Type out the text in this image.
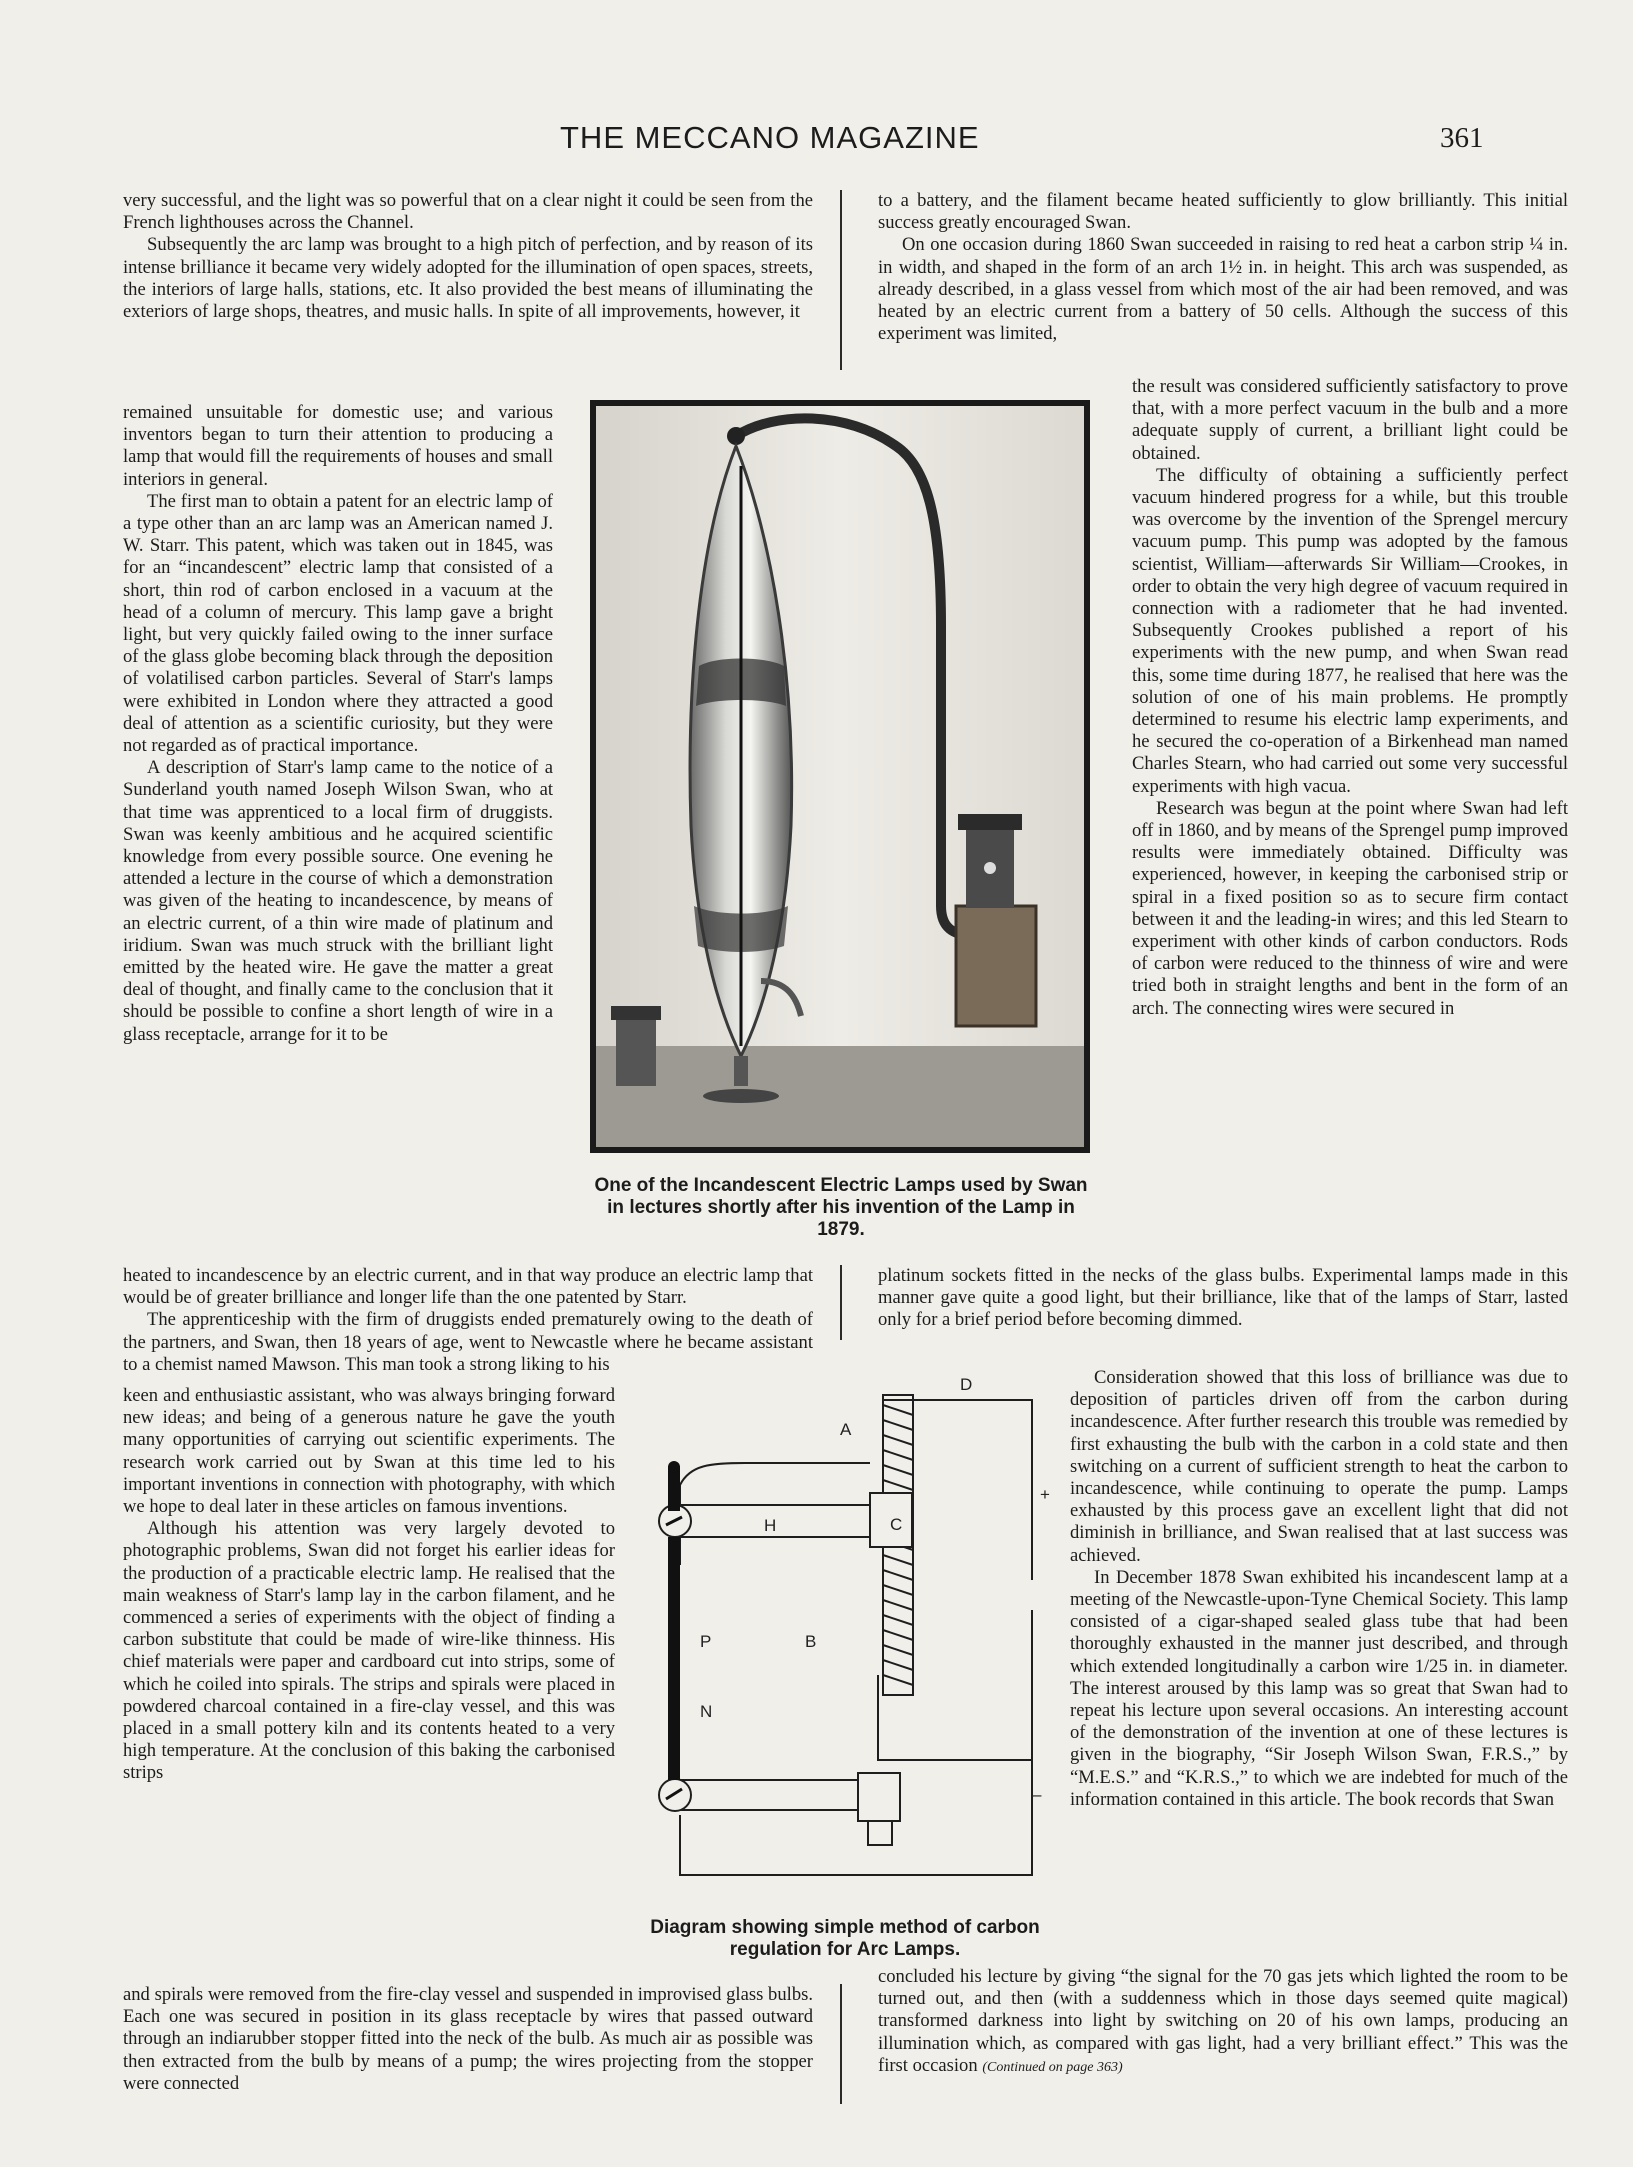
THE MECCANO MAGAZINE	361

very successful, and the light was so powerful that on a clear night it could be seen from the French lighthouses across the Channel.

Subsequently the arc lamp was brought to a high pitch of perfection, and by reason of its intense brilliance it became very widely adopted for the illumination of open spaces, streets, the interiors of large halls, stations, etc. It also provided the best means of illuminating the exteriors of large shops, theatres, and music halls. In spite of all improvements, however, it

to a battery, and the filament became heated sufficiently to glow brilliantly. This initial success greatly encouraged Swan.

On one occasion during 1860 Swan succeeded in raising to red heat a carbon strip ¼ in. in width, and shaped in the form of an arch 1½ in. in height. This arch was suspended, as already described, in a glass vessel from which most of the air had been removed, and was heated by an electric current from a battery of 50 cells. Although the success of this experiment was limited,

remained unsuitable for domestic use; and various inventors began to turn their attention to producing a lamp that would fill the requirements of houses and small interiors in general.

The first man to obtain a patent for an electric lamp of a type other than an arc lamp was an American named J. W. Starr. This patent, which was taken out in 1845, was for an “incandescent” electric lamp that consisted of a short, thin rod of carbon enclosed in a vacuum at the head of a column of mercury. This lamp gave a bright light, but very quickly failed owing to the inner surface of the glass globe becoming black through the deposition of volatilised carbon particles. Several of Starr's lamps were exhibited in London where they attracted a good deal of attention as a scientific curiosity, but they were not regarded as of practical importance.

A description of Starr's lamp came to the notice of a Sunderland youth named Joseph Wilson Swan, who at that time was apprenticed to a local firm of druggists. Swan was keenly ambitious and he acquired scientific knowledge from every possible source. One evening he attended a lecture in the course of which a demonstration was given of the heating to incandescence, by means of an electric current, of a thin wire made of platinum and iridium. Swan was much struck with the brilliant light emitted by the heated wire. He gave the matter a great deal of thought, and finally came to the conclusion that it should be possible to confine a short length of wire in a glass receptacle, arrange for it to be

the result was considered sufficiently satisfactory to prove that, with a more perfect vacuum in the bulb and a more adequate supply of current, a brilliant light could be obtained.

The difficulty of obtaining a sufficiently perfect vacuum hindered progress for a while, but this trouble was overcome by the invention of the Sprengel mercury vacuum pump. This pump was adopted by the famous scientist, William—afterwards Sir William—Crookes, in order to obtain the very high degree of vacuum required in connection with a radiometer that he had invented. Subsequently Crookes published a report of his experiments with the new pump, and when Swan read this, some time during 1877, he realised that here was the solution of one of his main problems. He promptly determined to resume his electric lamp experiments, and he secured the co-operation of a Birkenhead man named Charles Stearn, who had carried out some very successful experiments with high vacua.

Research was begun at the point where Swan had left off in 1860, and by means of the Sprengel pump improved results were immediately obtained. Difficulty was experienced, however, in keeping the carbonised strip or spiral in a fixed position so as to secure firm contact between it and the leading-in wires; and this led Stearn to experiment with other kinds of carbon conductors. Rods of carbon were reduced to the thinness of wire and were tried both in straight lengths and bent in the form of an arch. The connecting wires were secured in

One of the Incandescent Electric Lamps used by Swan in lectures shortly after his invention of the Lamp in 1879.

heated to incandescence by an electric current, and in that way produce an electric lamp that would be of greater brilliance and longer life than the one patented by Starr.

The apprenticeship with the firm of druggists ended prematurely owing to the death of the partners, and Swan, then 18 years of age, went to Newcastle where he became assistant to a chemist named Mawson. This man took a strong liking to his

platinum sockets fitted in the necks of the glass bulbs. Experimental lamps made in this manner gave quite a good light, but their brilliance, like that of the lamps of Starr, lasted only for a brief period before becoming dimmed.

keen and enthusiastic assistant, who was always bringing forward new ideas; and being of a generous nature he gave the youth many opportunities of carrying out scientific experiments. The research work carried out by Swan at this time led to his important inventions in connection with photography, with which we hope to deal later in these articles on famous inventions.

Although his attention was very largely devoted to photographic problems, Swan did not forget his earlier ideas for the production of a practicable electric lamp. He realised that the main weakness of Starr's lamp lay in the carbon filament, and he commenced a series of experiments with the object of finding a carbon substitute that could be made of wire-like thinness. His chief materials were paper and cardboard cut into strips, some of which he coiled into spirals. The strips and spirals were placed in powdered charcoal contained in a fire-clay vessel, and this was placed in a small pottery kiln and its contents heated to a very high temperature. At the conclusion of this baking the carbonised strips

Consideration showed that this loss of brilliance was due to deposition of particles driven off from the carbon during incandescence. After further research this trouble was remedied by first exhausting the bulb with the carbon in a cold state and then switching on a current of sufficient strength to heat the carbon to incandescence, while continuing to operate the pump. Lamps exhausted by this process gave an excellent light that did not diminish in brilliance, and Swan realised that at last success was achieved.

In December 1878 Swan exhibited his incandescent lamp at a meeting of the Newcastle-upon-Tyne Chemical Society. This lamp consisted of a cigar-shaped sealed glass tube that had been thoroughly exhausted in the manner just described, and through which extended longitudinally a carbon wire 1/25 in. in diameter. The interest aroused by this lamp was so great that Swan had to repeat his lecture upon several occasions. An interesting account of the demonstration of the invention at one of these lectures is given in the biography, “Sir Joseph Wilson Swan, F.R.S.,” by “M.E.S.” and “K.R.S.,” to which we are indebted for much of the information contained in this article. The book records that Swan

A
B
C
D
H
N
P
+
–
Diagram showing simple method of carbon regulation for Arc Lamps.

and spirals were removed from the fire-clay vessel and suspended in improvised glass bulbs. Each one was secured in position in its glass receptacle by wires that passed outward through an indiarubber stopper fitted into the neck of the bulb. As much air as possible was then extracted from the bulb by means of a pump; the wires projecting from the stopper were connected

concluded his lecture by giving “the signal for the 70 gas jets which lighted the room to be turned out, and then (with a suddenness which in those days seemed quite magical) transformed darkness into light by switching on 20 of his own lamps, producing an illumination which, as compared with gas light, had a very brilliant effect.” This was the first occasion (Continued on page 363)
